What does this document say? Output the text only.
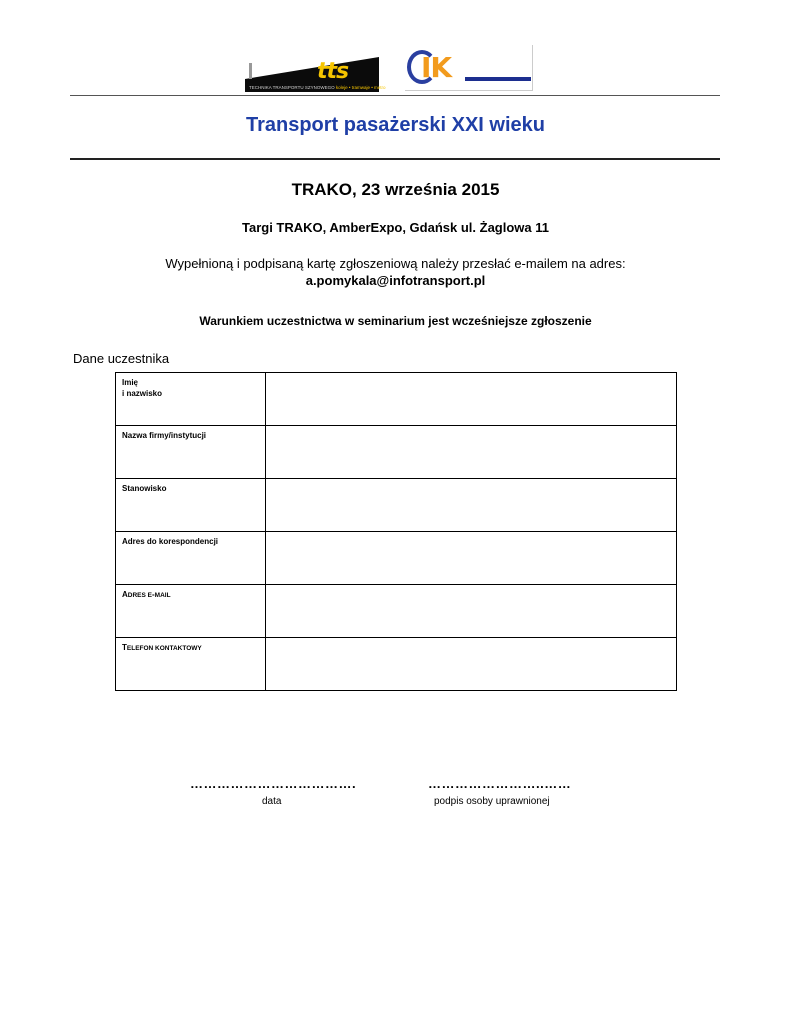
tts
TECHNIKA TRANSPORTU SZYNOWEGO koleje • tramwaje • metro
IK
Transport pasażerski XXI wieku
TRAKO, 23 września 2015
Targi TRAKO, AmberExpo, Gdańsk ul. Żaglowa 11
Wypełnioną i podpisaną kartę zgłoszeniową należy przesłać e-mailem na adres:
a.pomykala@infotransport.pl
Warunkiem uczestnictwa w seminarium jest wcześniejsze zgłoszenie
Dane uczestnika
Imię
i nazwisko	

Nazwa firmy/instytucji	
Stanowisko	
Adres do korespondencji	
ADRES E-MAIL	
TELEFON KONTAKTOWY	
……………………………….	……………………..……
data	podpis osoby uprawnionej
